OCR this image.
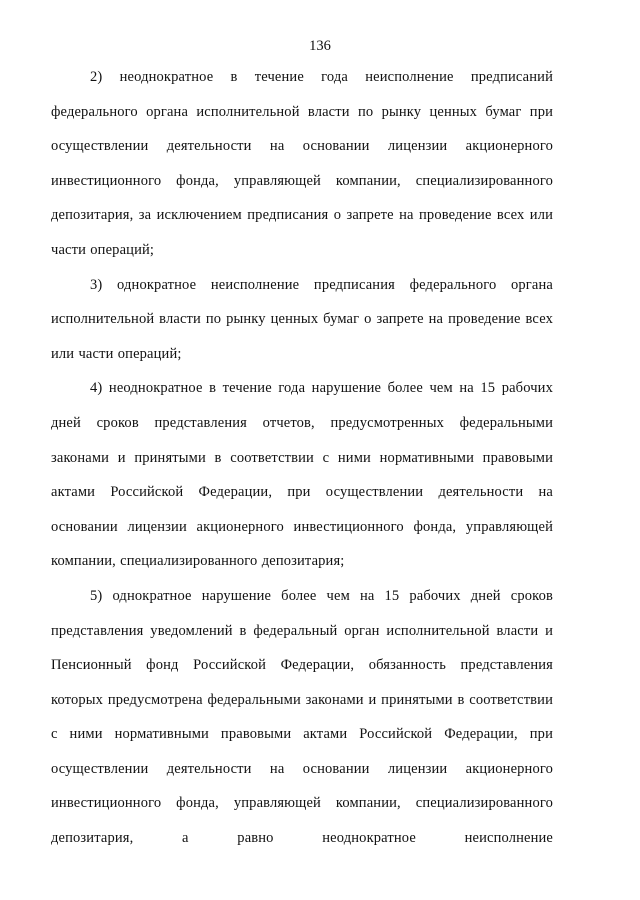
136

2) неоднократное в течение года неисполнение предписаний федерального органа исполнительной власти по рынку ценных бумаг при осуществлении деятельности на основании лицензии акционерного инвестиционного фонда, управляющей компании, специализированного депозитария, за исключением предписания о запрете на проведение всех или части операций;

3) однократное неисполнение предписания федерального органа исполнительной власти по рынку ценных бумаг о запрете на проведение всех или части операций;

4) неоднократное в течение года нарушение более чем на 15 рабочих дней сроков представления отчетов, предусмотренных федеральными законами и принятыми в соответствии с ними нормативными правовыми актами Российской Федерации, при осуществлении деятельности на основании лицензии акционерного инвестиционного фонда, управляющей компании, специализированного депозитария;

5) однократное нарушение более чем на 15 рабочих дней сроков представления уведомлений в федеральный орган исполнительной власти и Пенсионный фонд Российской Федерации, обязанность представления которых предусмотрена федеральными законами и принятыми в соответствии с ними нормативными правовыми актами Российской Федерации, при осуществлении деятельности на основании лицензии акционерного инвестиционного фонда, управляющей компании, специализированного депозитария, а равно неоднократное неисполнение
